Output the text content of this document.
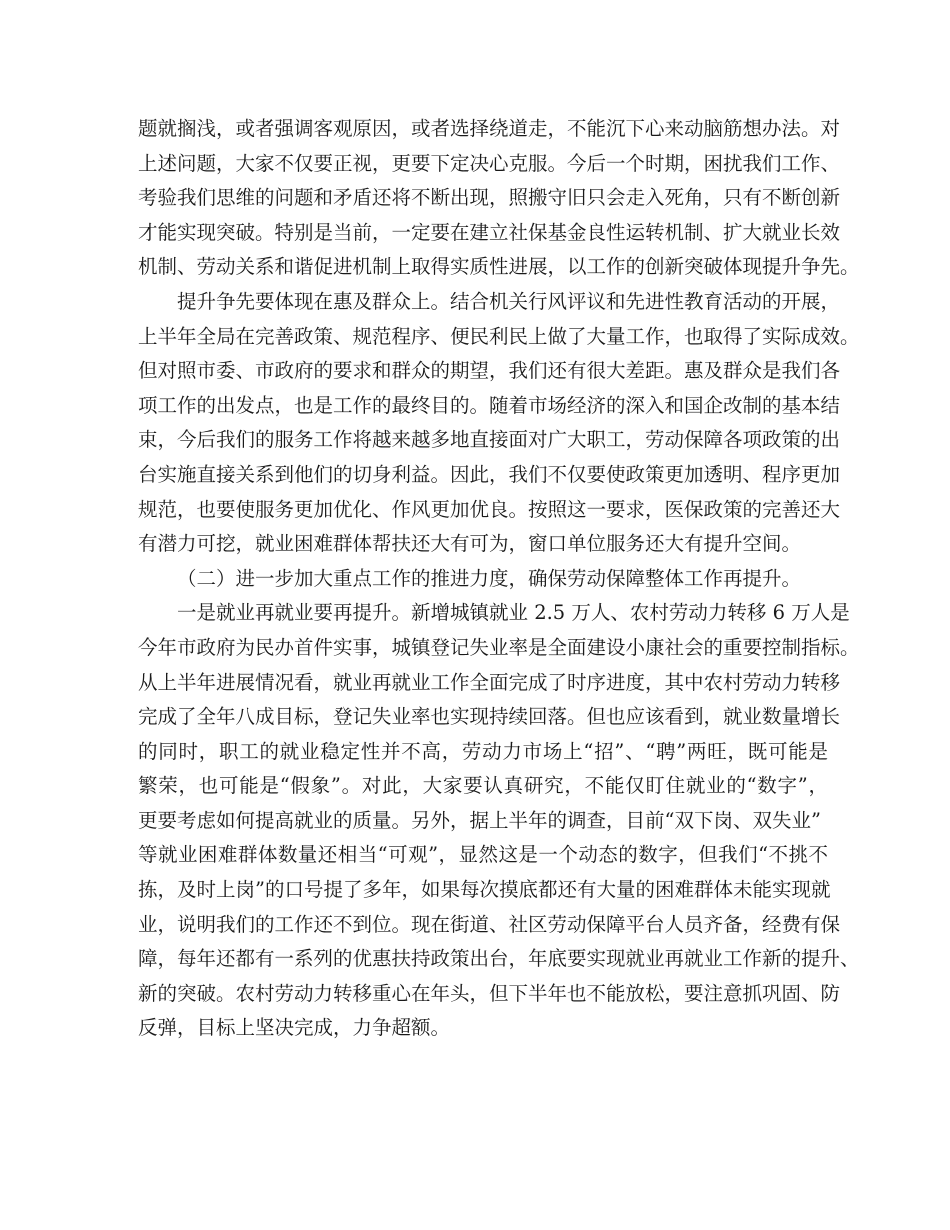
题就搁浅，或者强调客观原因，或者选择绕道走，不能沉下心来动脑筋想办法。对
上述问题，大家不仅要正视，更要下定决心克服。今后一个时期，困扰我们工作、
考验我们思维的问题和矛盾还将不断出现，照搬守旧只会走入死角，只有不断创新
才能实现突破。特别是当前，一定要在建立社保基金良性运转机制、扩大就业长效
机制、劳动关系和谐促进机制上取得实质性进展，以工作的创新突破体现提升争先。
提升争先要体现在惠及群众上。结合机关行风评议和先进性教育活动的开展，
上半年全局在完善政策、规范程序、便民利民上做了大量工作，也取得了实际成效。
但对照市委、市政府的要求和群众的期望，我们还有很大差距。惠及群众是我们各
项工作的出发点，也是工作的最终目的。随着市场经济的深入和国企改制的基本结
束，今后我们的服务工作将越来越多地直接面对广大职工，劳动保障各项政策的出
台实施直接关系到他们的切身利益。因此，我们不仅要使政策更加透明、程序更加
规范，也要使服务更加优化、作风更加优良。按照这一要求，医保政策的完善还大
有潜力可挖，就业困难群体帮扶还大有可为，窗口单位服务还大有提升空间。
（二）进一步加大重点工作的推进力度，确保劳动保障整体工作再提升。
一是就业再就业要再提升。新增城镇就业 2.5 万人、农村劳动力转移 6 万人是
今年市政府为民办首件实事，城镇登记失业率是全面建设小康社会的重要控制指标。
从上半年进展情况看，就业再就业工作全面完成了时序进度，其中农村劳动力转移
完成了全年八成目标，登记失业率也实现持续回落。但也应该看到，就业数量增长
的同时，职工的就业稳定性并不高，劳动力市场上“招”、“聘”两旺，既可能是
繁荣，也可能是“假象”。对此，大家要认真研究，不能仅盯住就业的“数字”，
更要考虑如何提高就业的质量。另外，据上半年的调查，目前“双下岗、双失业”
等就业困难群体数量还相当“可观”，显然这是一个动态的数字，但我们“不挑不
拣，及时上岗”的口号提了多年，如果每次摸底都还有大量的困难群体未能实现就
业，说明我们的工作还不到位。现在街道、社区劳动保障平台人员齐备，经费有保
障，每年还都有一系列的优惠扶持政策出台，年底要实现就业再就业工作新的提升、
新的突破。农村劳动力转移重心在年头，但下半年也不能放松，要注意抓巩固、防
反弹，目标上坚决完成，力争超额。
